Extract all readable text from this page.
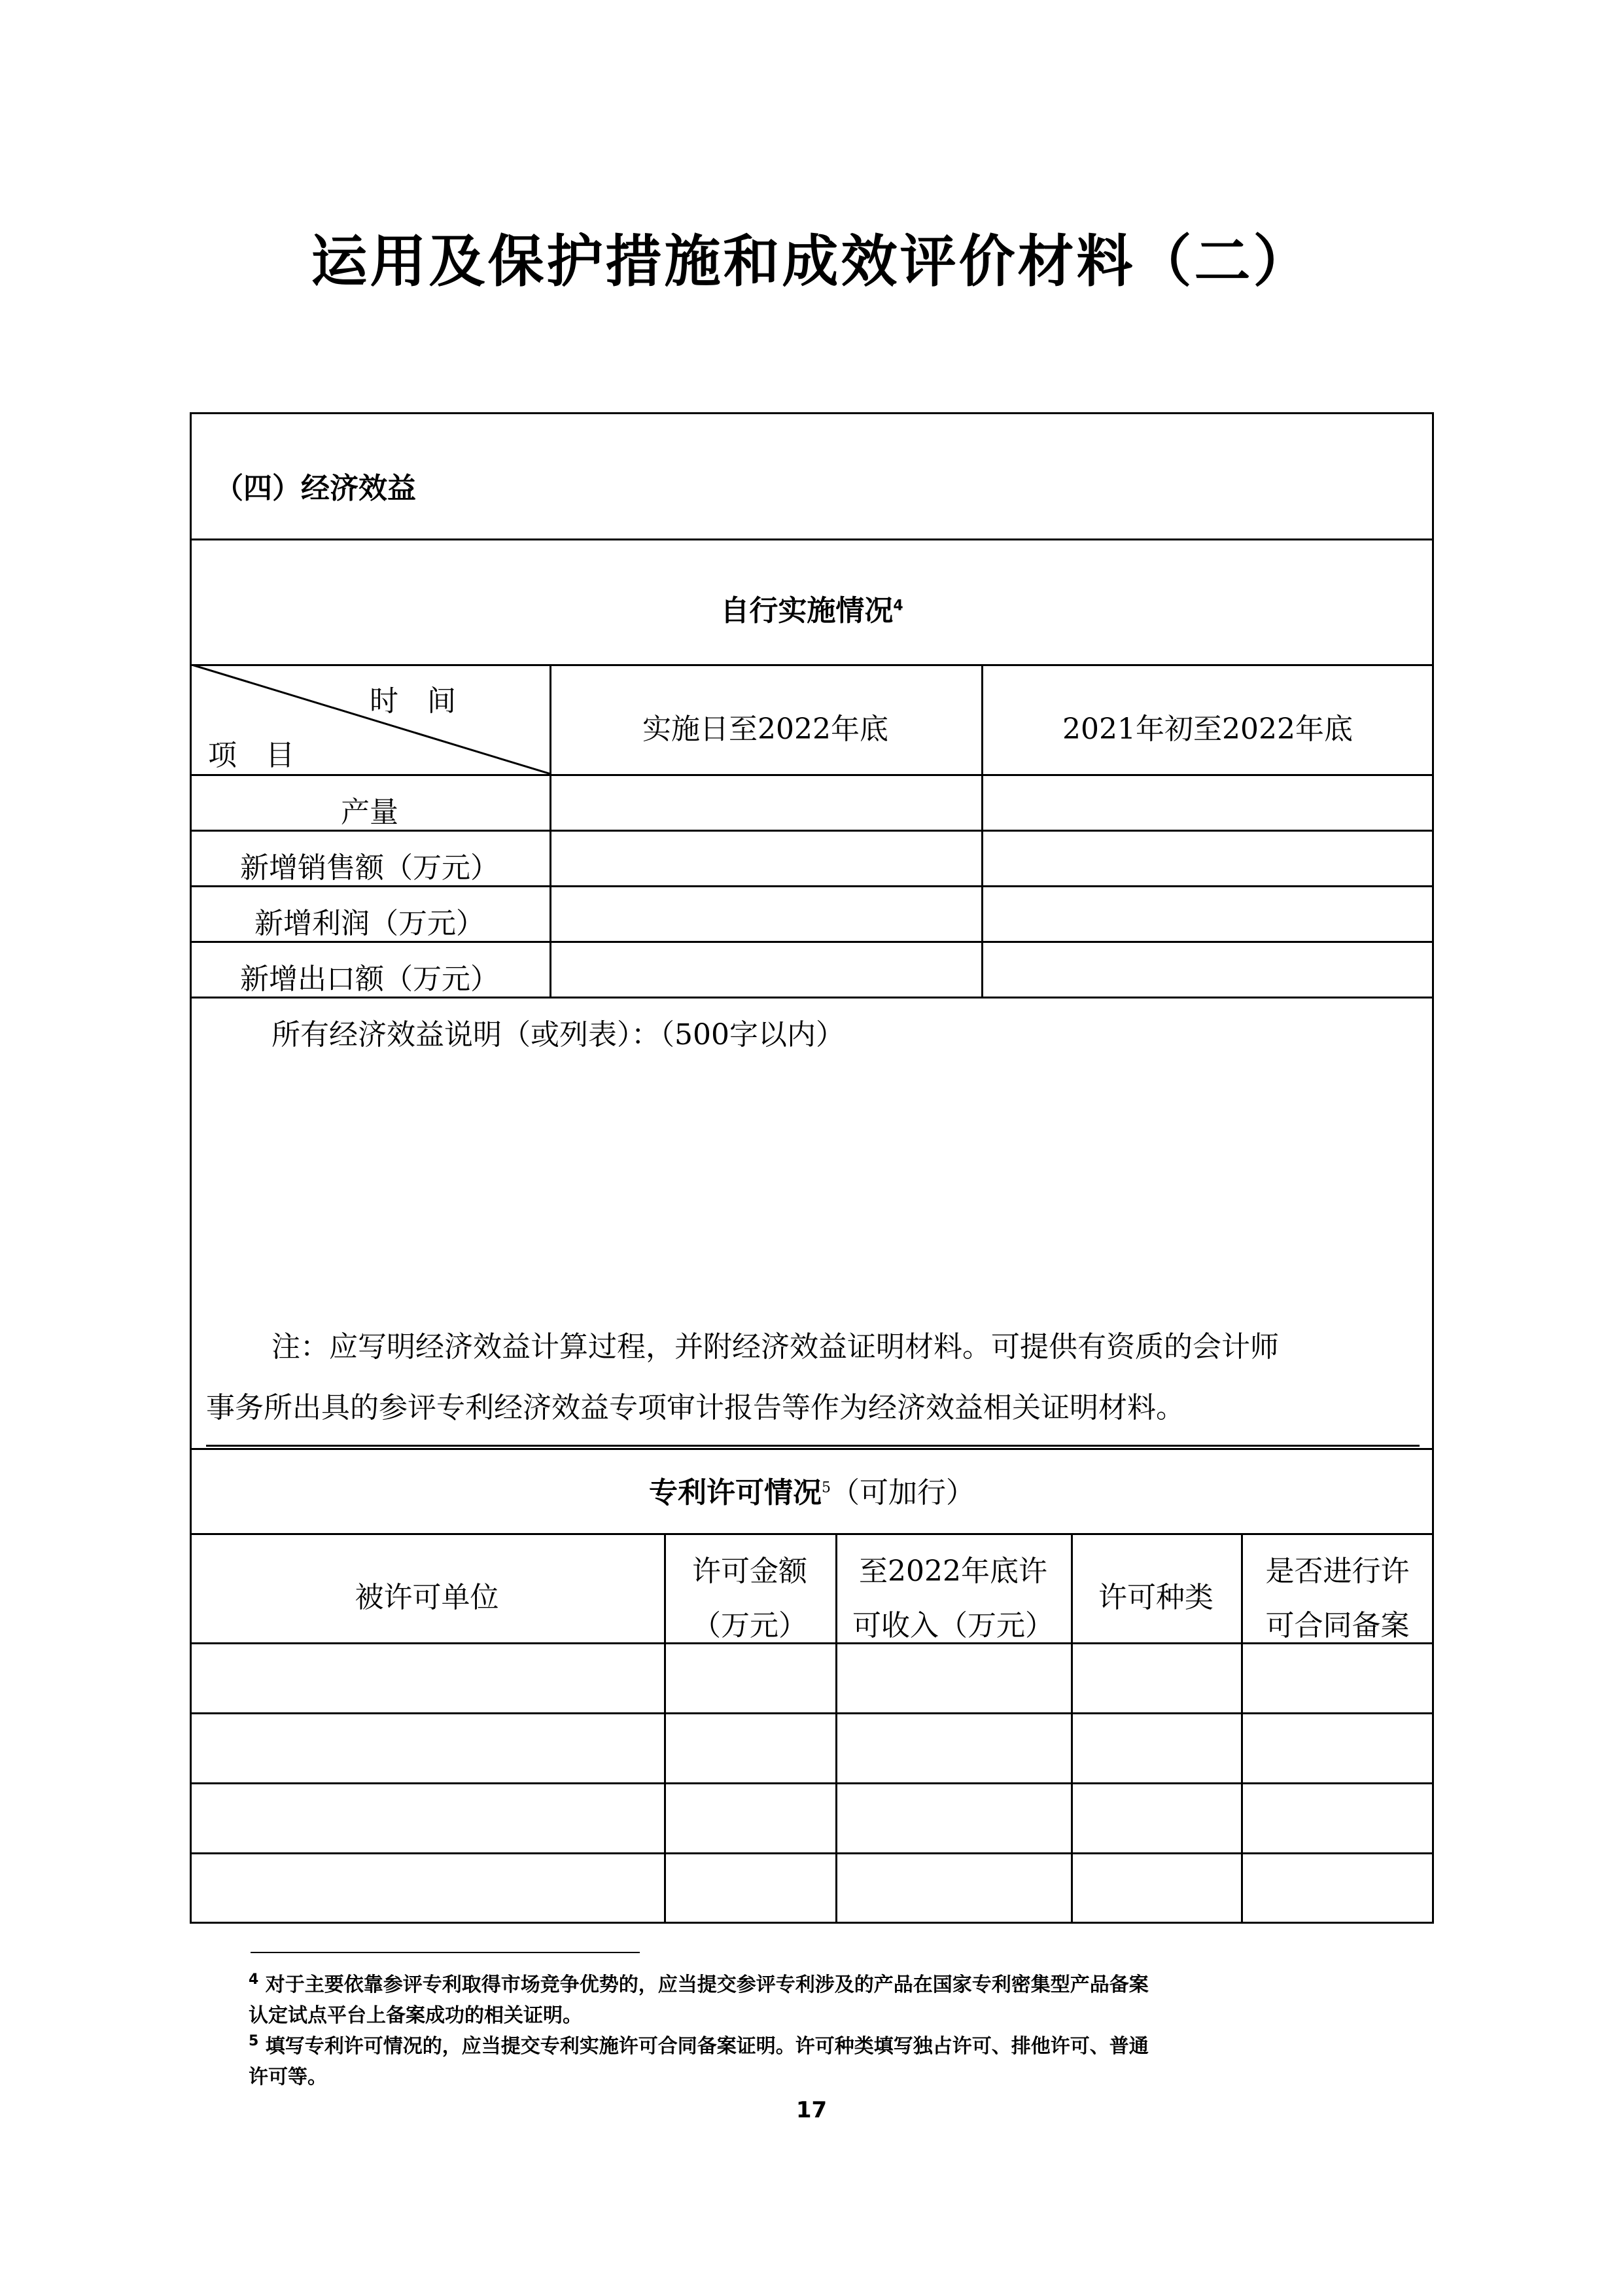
运用及保护措施和成效评价材料（二）
（四）经济效益
自行实施情况$^4$
时　间
项　目
实施日至2022年底	2021年初至2022年底
产量
新增销售额（万元）
新增利润（万元）
新增出口额（万元）
所有经济效益说明（或列表）：（500字以内）
注：应写明经济效益计算过程，并附经济效益证明材料。可提供有资质的会计师
事务所出具的参评专利经济效益专项审计报告等作为经济效益相关证明材料。
专利许可情况$^5$（可加行）
被许可单位
许可金额
（万元）
至2022年底许
可收入（万元）
许可种类
是否进行许
可合同备案
$^4$ 对于主要依靠参评专利取得市场竞争优势的，应当提交参评专利涉及的产品在国家专利密集型产品备案
认定试点平台上备案成功的相关证明。
$^5$ 填写专利许可情况的，应当提交专利实施许可合同备案证明。许可种类填写独占许可、排他许可、普通
许可等。
17
